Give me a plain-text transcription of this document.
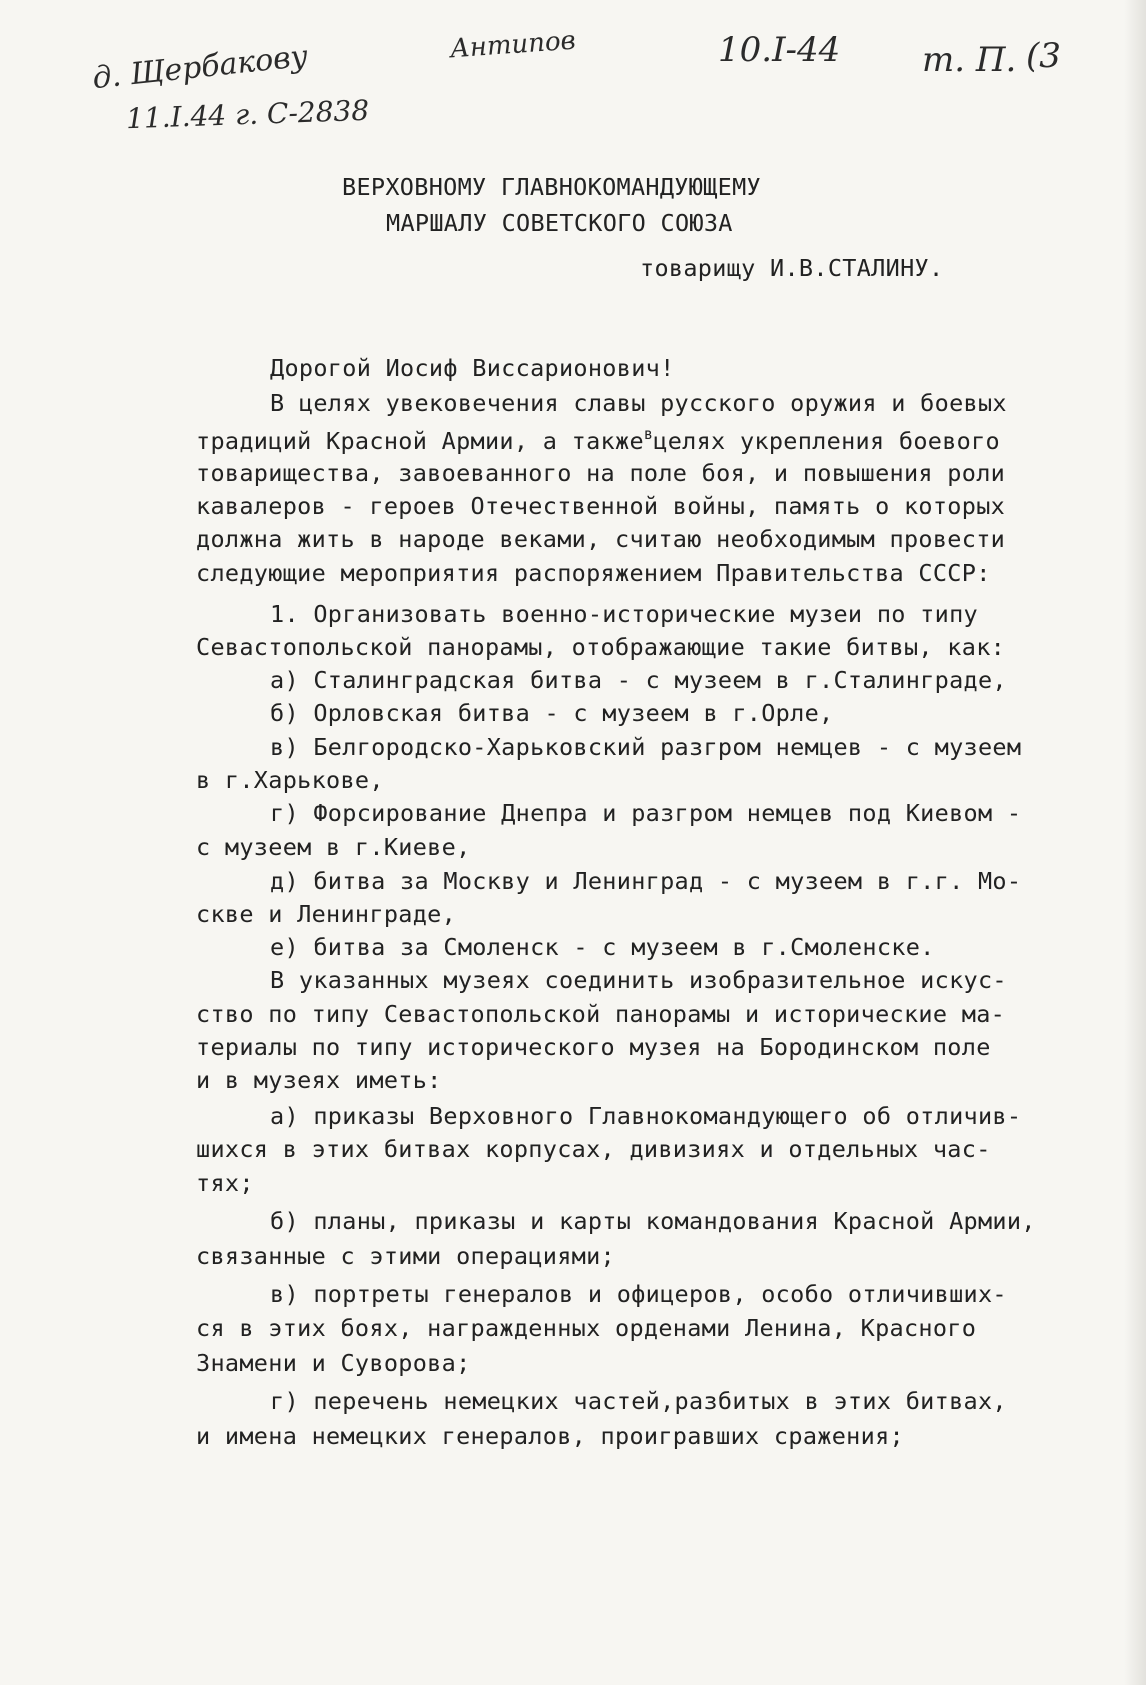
д. Щербакову
11.I.44 г. С-2838
Антипов	10.I-44 т. П. (3
ВЕРХОВНОМУ ГЛАВНОКОМАНДУЮЩЕМУ
МАРШАЛУ СОВЕТСКОГО СОЮЗА
товарищу И.В.СТАЛИНУ.
Дорогой Иосиф Виссарионович!
В целях увековечения славы русского оружия и боевых
традиций Красной Армии, а также$^в$целях укрепления боевого
товарищества, завоеванного на поле боя, и повышения роли
кавалеров - героев Отечественной войны, память о которых
должна жить в народе веками, считаю необходимым провести
следующие мероприятия распоряжением Правительства СССР:
1. Организовать военно-исторические музеи по типу
Севастопольской панорамы, отображающие такие битвы, как:
а) Сталинградская битва - с музеем в г.Сталинграде,
б) Орловская битва - с музеем в г.Орле,
в) Белгородско-Харьковский разгром немцев - с музеем
в г.Харькове,
г) Форсирование Днепра и разгром немцев под Киевом -
с музеем в г.Киеве,
д) битва за Москву и Ленинград - с музеем в г.г. Мо-
скве и Ленинграде,
е) битва за Смоленск - с музеем в г.Смоленске.
В указанных музеях соединить изобразительное искус-
ство по типу Севастопольской панорамы и исторические ма-
териалы по типу исторического музея на Бородинском поле
и в музеях иметь:
а) приказы Верховного Главнокомандующего об отличив-
шихся в этих битвах корпусах, дивизиях и отдельных час-
тях;
б) планы, приказы и карты командования Красной Армии,
связанные с этими операциями;
в) портреты генералов и офицеров, особо отличивших-
ся в этих боях, награжденных орденами Ленина, Красного
Знамени и Суворова;
г) перечень немецких частей,разбитых в этих битвах,
и имена немецких генералов, проигравших сражения;
